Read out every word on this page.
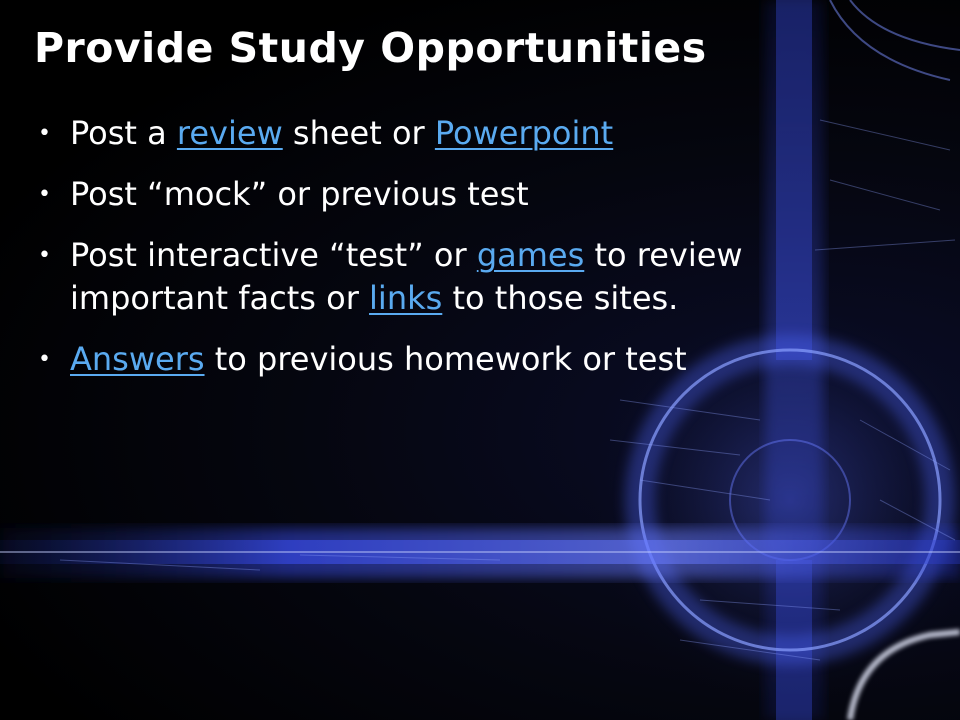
Provide Study Opportunities
• Post a review sheet or Powerpoint
• Post “mock” or previous test
• Post interactive “test” or games to review important facts or links to those sites.
• Answers to previous homework or test
